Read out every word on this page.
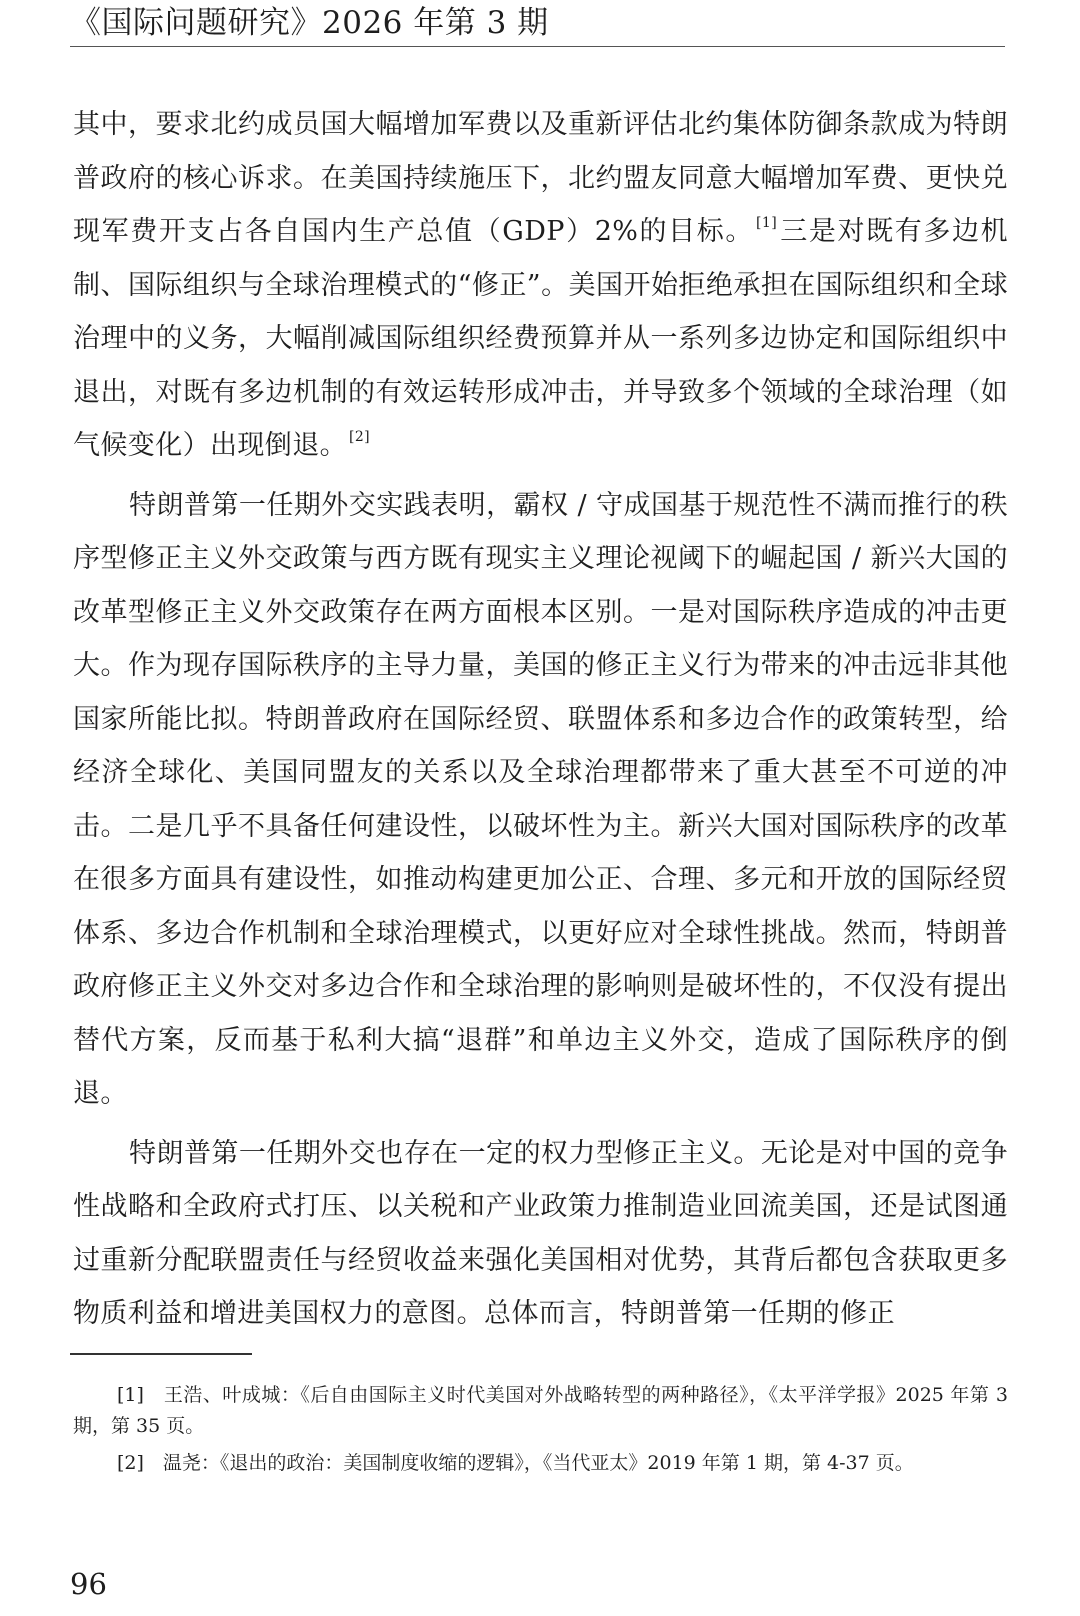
《国际问题研究》2026 年第 3 期

其中，要求北约成员国大幅增加军费以及重新评估北约集体防御条款成为特朗普政府的核心诉求。在美国持续施压下，北约盟友同意大幅增加军费、更快兑现军费开支占各自国内生产总值（GDP）2%的目标。 [1]三是对既有多边机制、国际组织与全球治理模式的“修正”。美国开始拒绝承担在国际组织和全球治理中的义务，大幅削减国际组织经费预算并从一系列多边协定和国际组织中退出，对既有多边机制的有效运转形成冲击，并导致多个领域的全球治理（如气候变化）出现倒退。 [2]

特朗普第一任期外交实践表明，霸权 / 守成国基于规范性不满而推行的秩序型修正主义外交政策与西方既有现实主义理论视阈下的崛起国 / 新兴大国的改革型修正主义外交政策存在两方面根本区别。一是对国际秩序造成的冲击更大。作为现存国际秩序的主导力量，美国的修正主义行为带来的冲击远非其他国家所能比拟。特朗普政府在国际经贸、联盟体系和多边合作的政策转型，给经济全球化、美国同盟友的关系以及全球治理都带来了重大甚至不可逆的冲击。二是几乎不具备任何建设性，以破坏性为主。新兴大国对国际秩序的改革在很多方面具有建设性，如推动构建更加公正、合理、多元和开放的国际经贸体系、多边合作机制和全球治理模式，以更好应对全球性挑战。然而，特朗普政府修正主义外交对多边合作和全球治理的影响则是破坏性的，不仅没有提出替代方案，反而基于私利大搞“退群”和单边主义外交，造成了国际秩序的倒退。

特朗普第一任期外交也存在一定的权力型修正主义。无论是对中国的竞争性战略和全政府式打压、以关税和产业政策力推制造业回流美国，还是试图通过重新分配联盟责任与经贸收益来强化美国相对优势，其背后都包含获取更多物质利益和增进美国权力的意图。总体而言，特朗普第一任期的修正

[1]　王浩、叶成城：《后自由国际主义时代美国对外战略转型的两种路径》，《太平洋学报》2025 年第 3 期，第 35 页。

[2]　温尧：《退出的政治：美国制度收缩的逻辑》，《当代亚太》2019 年第 1 期，第 4-37 页。

96
